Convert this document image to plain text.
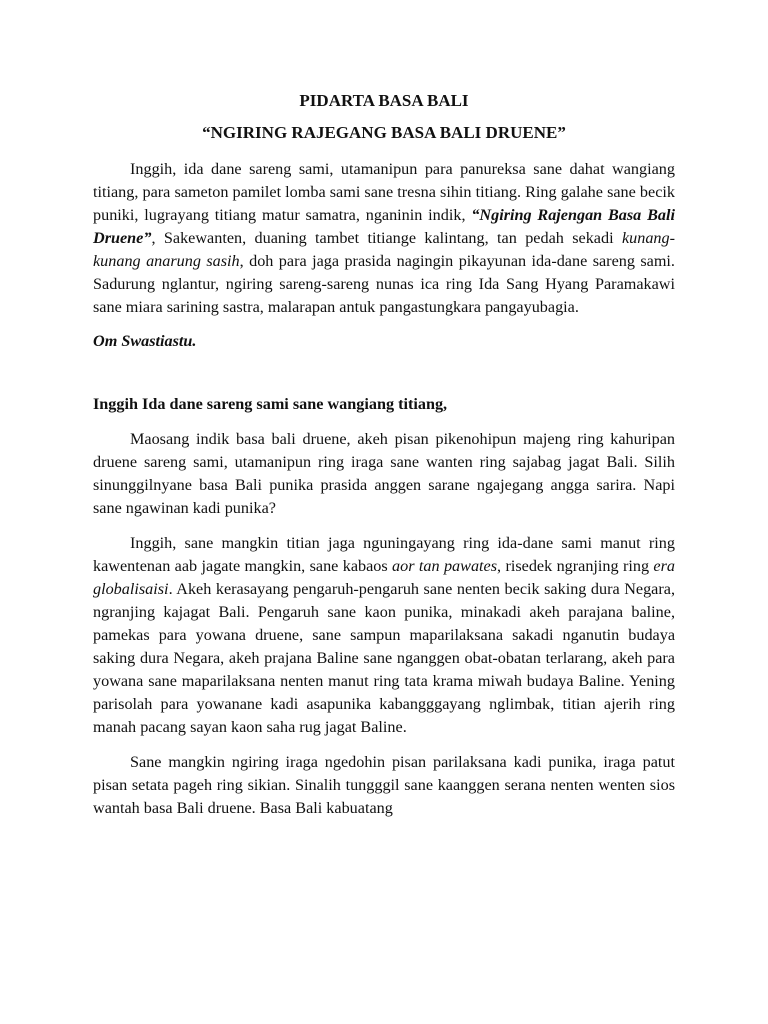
PIDARTA BASA BALI
“NGIRING RAJEGANG BASA BALI DRUENE”

Inggih, ida dane sareng sami, utamanipun para panureksa sane dahat wangiang titiang, para sameton pamilet lomba sami sane tresna sihin titiang. Ring galahe sane becik puniki, lugrayang titiang matur samatra, nganinin indik, “Ngiring Rajengan Basa Bali Druene”, Sakewanten, duaning tambet titiange kalintang, tan pedah sekadi kunang-kunang anarung sasih, doh para jaga prasida nagingin pikayunan ida-dane sareng sami. Sadurung nglantur, ngiring sareng-sareng nunas ica ring Ida Sang Hyang Paramakawi sane miara sarining sastra, malarapan antuk pangastungkara pangayubagia.

Om Swastiastu.

Inggih Ida dane sareng sami sane wangiang titiang,

Maosang indik basa bali druene, akeh pisan pikenohipun majeng ring kahuripan druene sareng sami, utamanipun ring iraga sane wanten ring sajabag jagat Bali. Silih sinunggilnyane basa Bali punika prasida anggen sarane ngajegang angga sarira. Napi sane ngawinan kadi punika?

Inggih, sane mangkin titian jaga nguningayang ring ida-dane sami manut ring kawentenan aab jagate mangkin, sane kabaos aor tan pawates, risedek ngranjing ring era globalisaisi. Akeh kerasayang pengaruh-pengaruh sane nenten becik saking dura Negara, ngranjing kajagat Bali. Pengaruh sane kaon punika, minakadi akeh parajana baline, pamekas para yowana druene, sane sampun maparilaksana sakadi nganutin budaya saking dura Negara, akeh prajana Baline sane nganggen obat-obatan terlarang, akeh para yowana sane maparilaksana nenten manut ring tata krama miwah budaya Baline. Yening parisolah para yowanane kadi asapunika kabangggayang nglimbak, titian ajerih ring manah pacang sayan kaon saha rug jagat Baline.

Sane mangkin ngiring iraga ngedohin pisan parilaksana kadi punika, iraga patut pisan setata pageh ring sikian. Sinalih tungggil sane kaanggen serana nenten wenten sios wantah basa Bali druene. Basa Bali kabuatang
